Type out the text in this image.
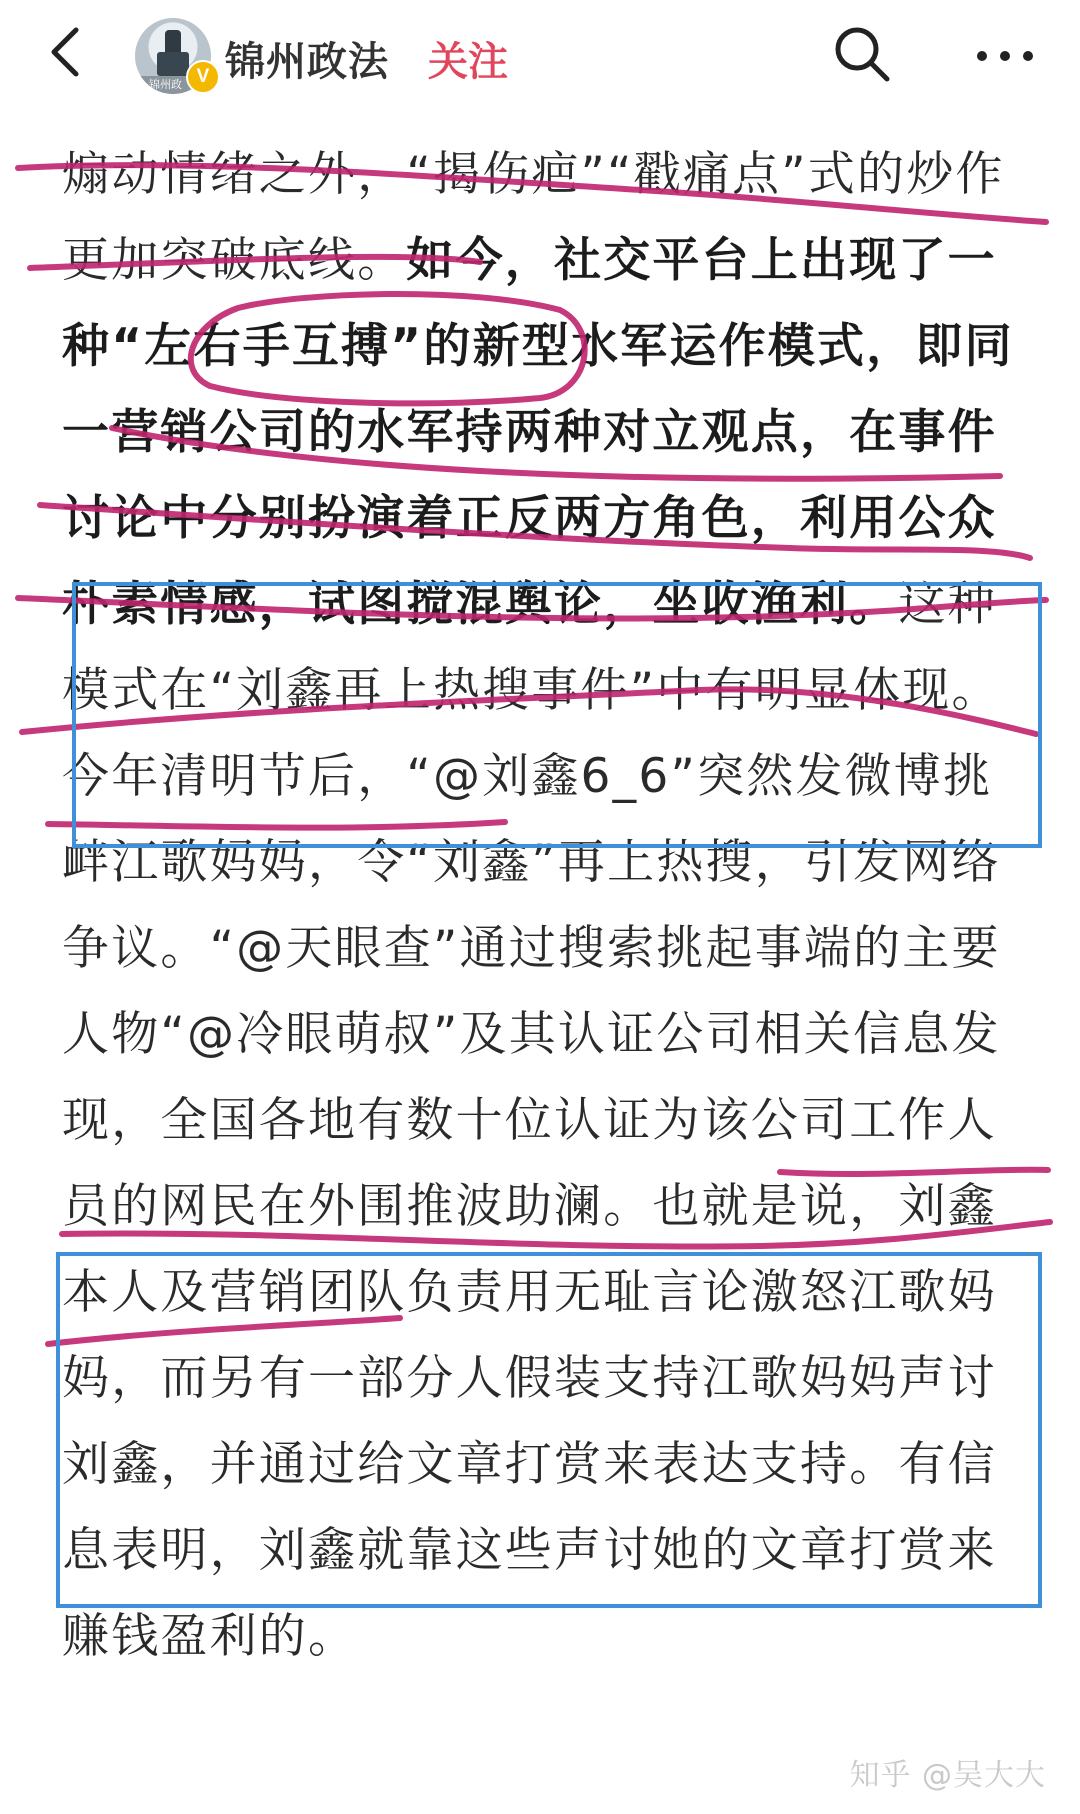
锦州政 V 锦州政法 关注

煽动情绪之外，“揭伤疤”“戳痛点”式的炒作更加突破底线。如今，社交平台上出现了一种“左右手互搏”的新型水军运作模式，即同一营销公司的水军持两种对立观点，在事件讨论中分别扮演着正反两方角色，利用公众朴素情感，试图搅混舆论，坐收渔利。这种模式在“刘鑫再上热搜事件”中有明显体现。今年清明节后，“@刘鑫6_6”突然发微博挑衅江歌妈妈，令“刘鑫”再上热搜，引发网络争议。“@天眼查”通过搜索挑起事端的主要人物“@冷眼萌叔”及其认证公司相关信息发现，全国各地有数十位认证为该公司工作人员的网民在外围推波助澜。也就是说，刘鑫本人及营销团队负责用无耻言论激怒江歌妈妈，而另有一部分人假装支持江歌妈妈声讨刘鑫，并通过给文章打赏来表达支持。有信息表明，刘鑫就靠这些声讨她的文章打赏来赚钱盈利的。

知乎 @吴大大
